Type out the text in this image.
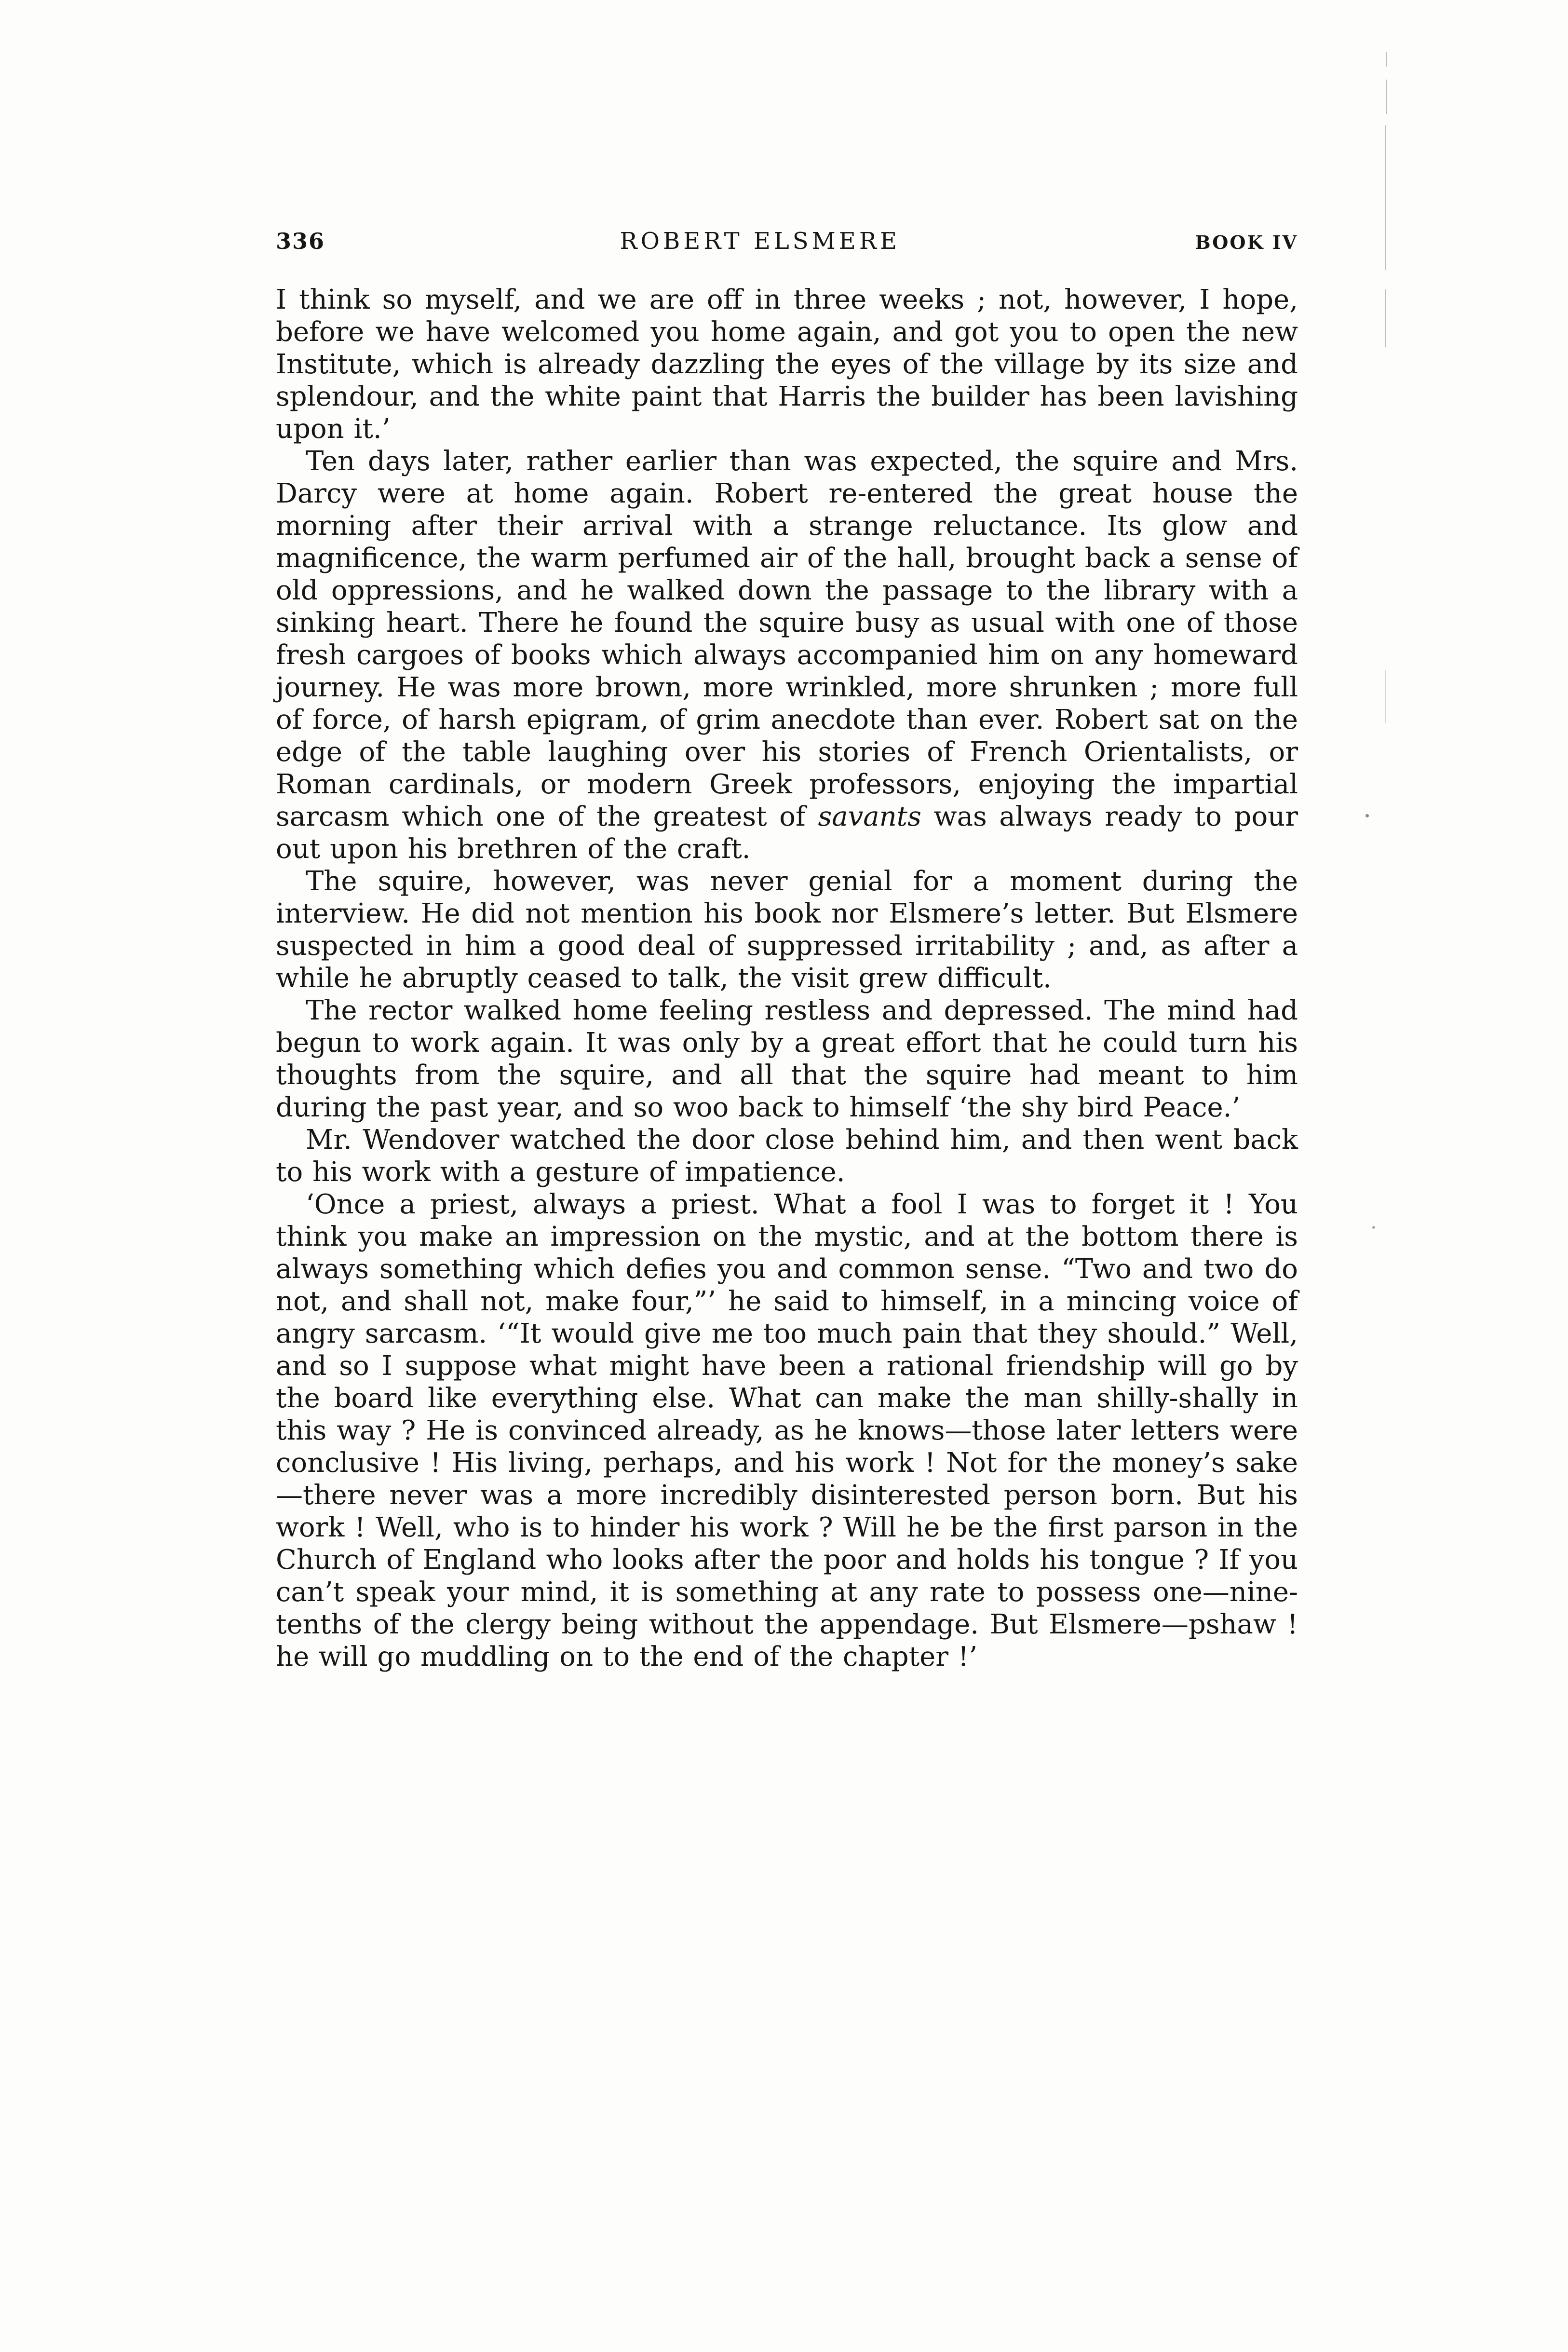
336	ROBERT ELSMERE	BOOK IV

I think so myself, and we are off in three weeks ; not, however, I hope, before we have welcomed you home again, and got you to open the new Institute, which is already dazzling the eyes of the village by its size and splendour, and the white paint that Harris the builder has been lavishing upon it.’

Ten days later, rather earlier than was expected, the squire and Mrs. Darcy were at home again. Robert re-entered the great house the morning after their arrival with a strange reluctance. Its glow and magnificence, the warm perfumed air of the hall, brought back a sense of old oppressions, and he walked down the passage to the library with a sinking heart. There he found the squire busy as usual with one of those fresh cargoes of books which always accompanied him on any homeward journey. He was more brown, more wrinkled, more shrunken ; more full of force, of harsh epigram, of grim anecdote than ever. Robert sat on the edge of the table laughing over his stories of French Orientalists, or Roman cardinals, or modern Greek professors, enjoying the impartial sarcasm which one of the greatest of savants was always ready to pour out upon his brethren of the craft.

The squire, however, was never genial for a moment during the interview. He did not mention his book nor Elsmere’s letter. But Elsmere suspected in him a good deal of suppressed irritability ; and, as after a while he abruptly ceased to talk, the visit grew difficult.

The rector walked home feeling restless and depressed. The mind had begun to work again. It was only by a great effort that he could turn his thoughts from the squire, and all that the squire had meant to him during the past year, and so woo back to himself ‘the shy bird Peace.’

Mr. Wendover watched the door close behind him, and then went back to his work with a gesture of impatience.

‘Once a priest, always a priest. What a fool I was to forget it ! You think you make an impression on the mystic, and at the bottom there is always something which defies you and common sense. “Two and two do not, and shall not, make four,”’ he said to himself, in a mincing voice of angry sarcasm. ‘“It would give me too much pain that they should.” Well, and so I suppose what might have been a rational friendship will go by the board like everything else. What can make the man shilly-shally in this way ? He is convinced already, as he knows—those later letters were conclusive ! His living, perhaps, and his work ! Not for the money’s sake—there never was a more incredibly disinterested person born. But his work ! Well, who is to hinder his work ? Will he be the first parson in the Church of England who looks after the poor and holds his tongue ? If you can’t speak your mind, it is something at any rate to possess one—nine-tenths of the clergy being without the appendage. But Elsmere—pshaw ! he will go muddling on to the end of the chapter !’
